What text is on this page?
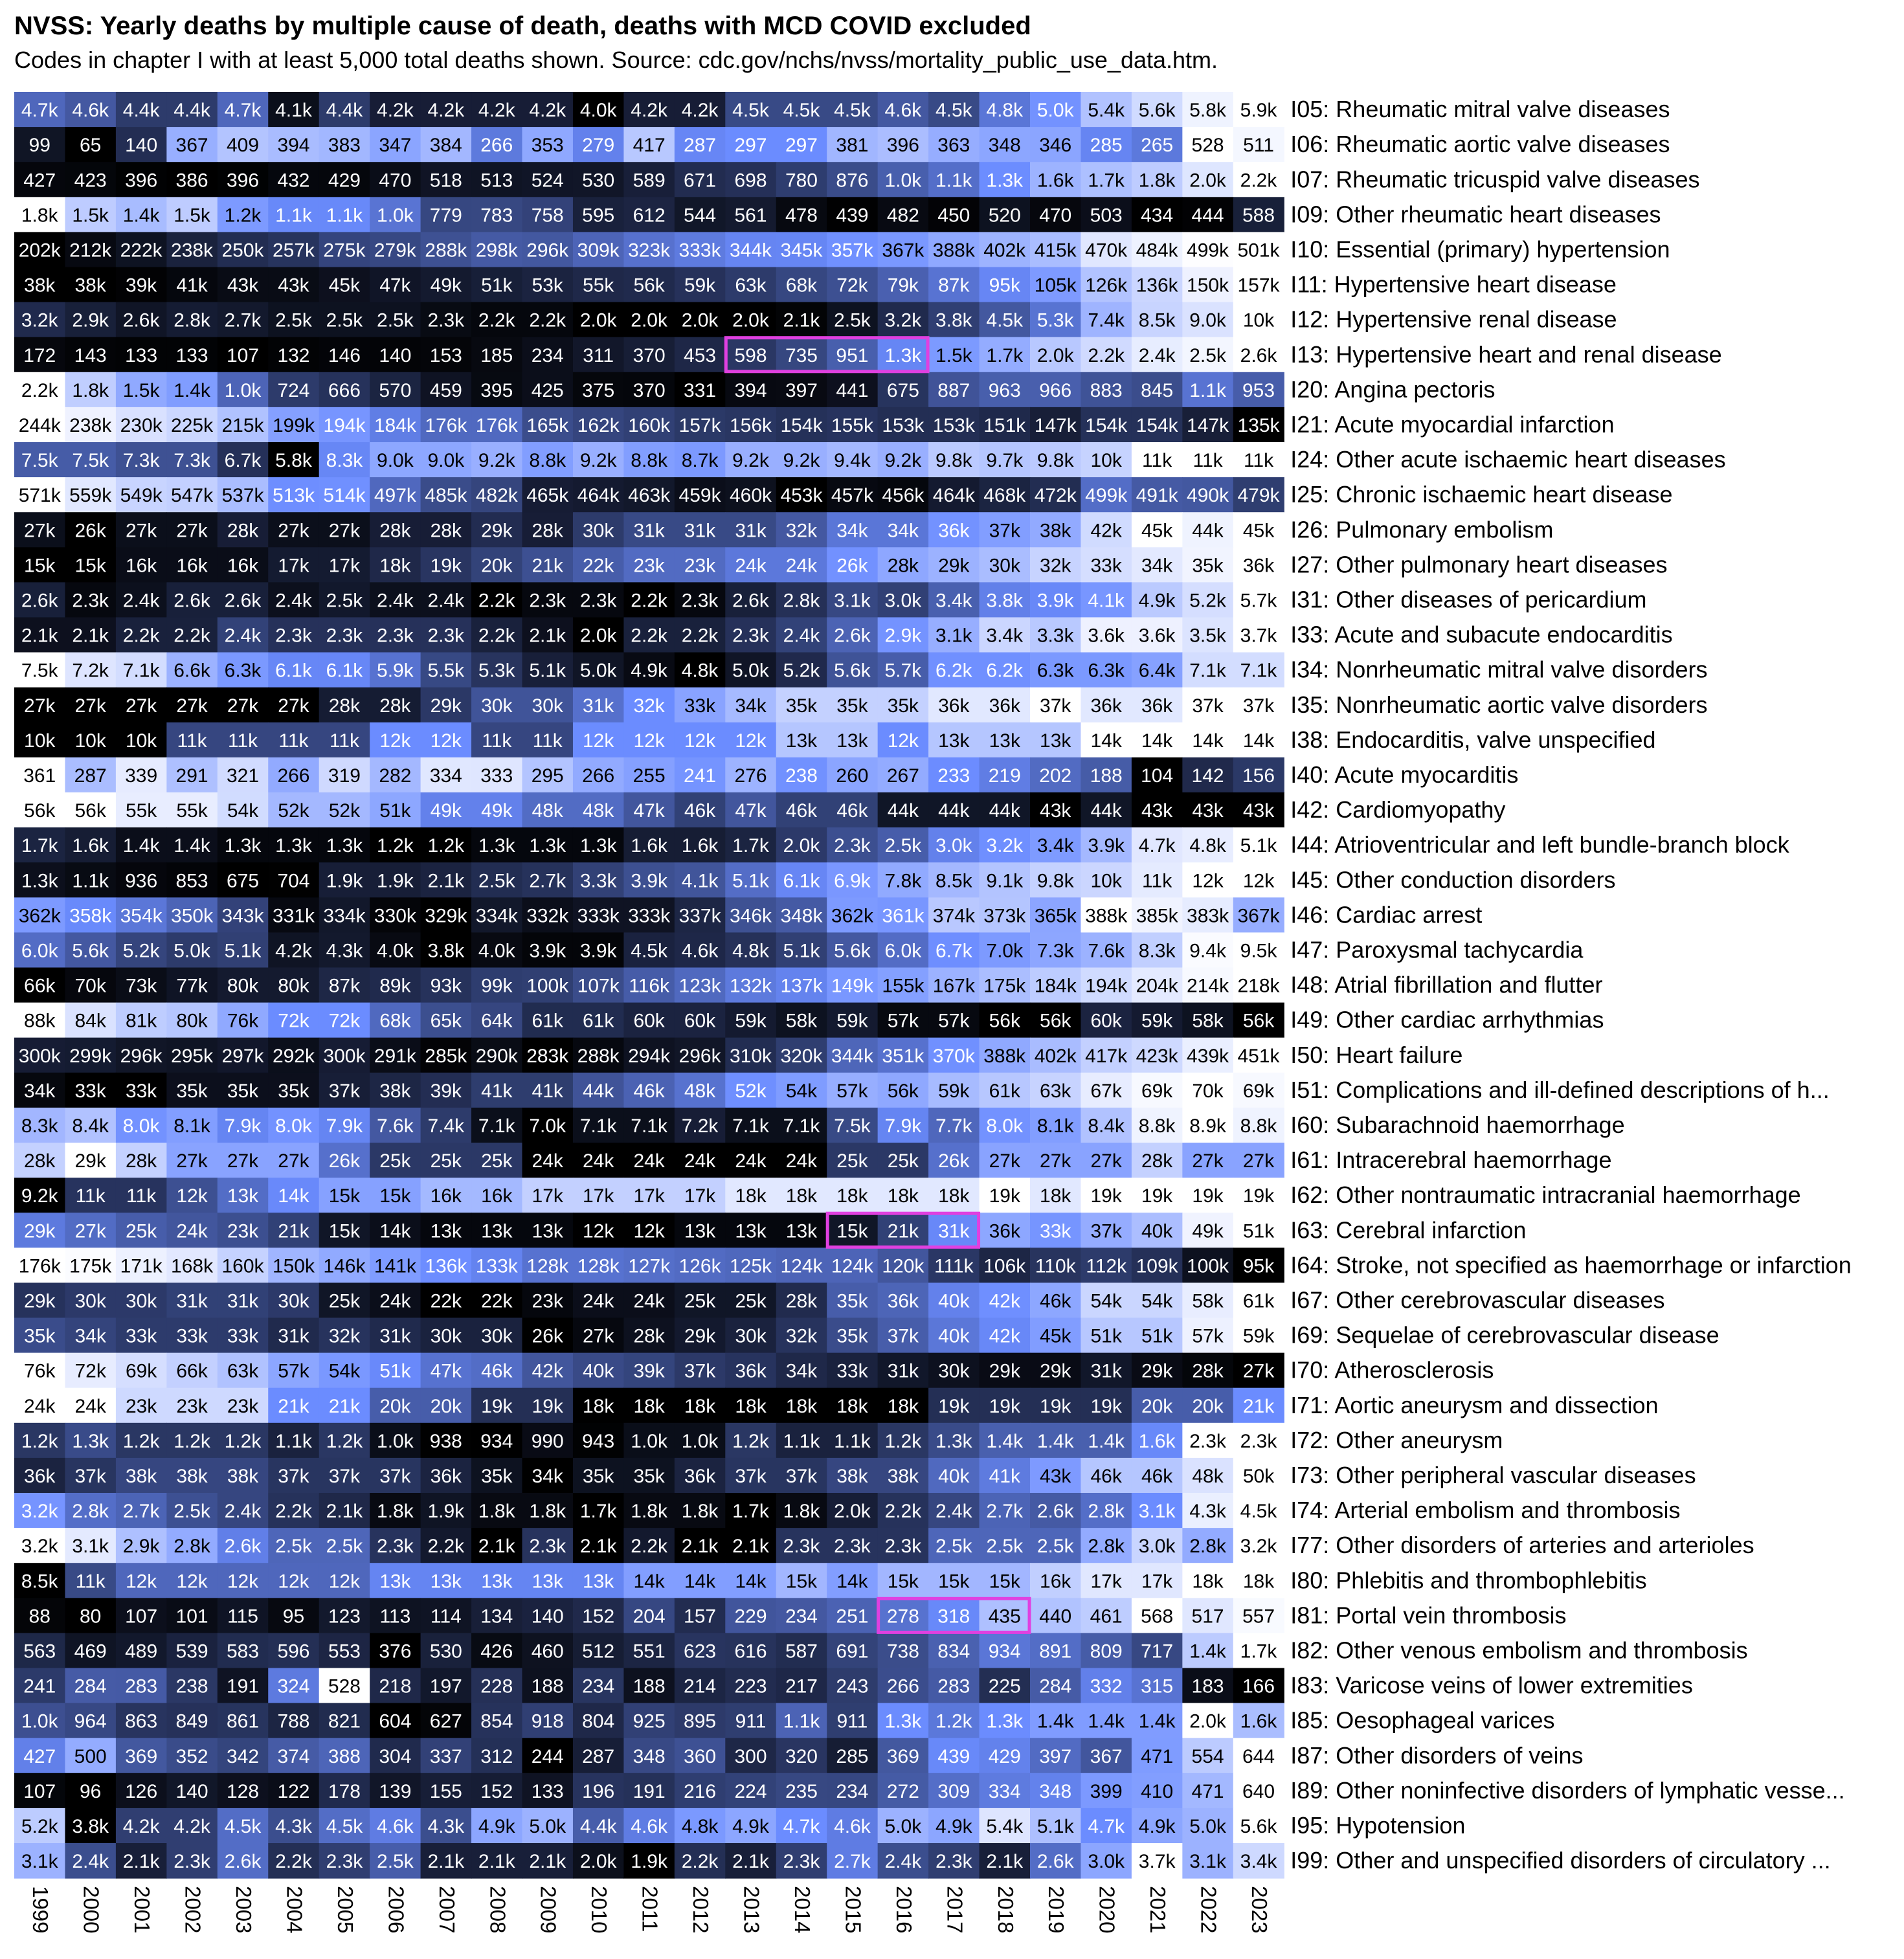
NVSS: Yearly deaths by multiple cause of death, deaths with MCD COVID excluded
Codes in chapter I with at least 5,000 total deaths shown. Source: cdc.gov/nchs/nvss/mortality_public_use_data.htm.
4.7k 4.6k 4.4k 4.4k 4.7k 4.1k 4.4k 4.2k 4.2k 4.2k 4.2k 4.0k 4.2k 4.2k 4.5k 4.5k 4.5k 4.6k 4.5k 4.8k 5.0k 5.4k 5.6k 5.8k 5.9k I05: Rheumatic mitral valve diseases
99 65 140 367 409 394 383 347 384 266 353 279 417 287 297 297 381 396 363 348 346 285 265 528 511 I06: Rheumatic aortic valve diseases
427 423 396 386 396 432 429 470 518 513 524 530 589 671 698 780 876 1.0k 1.1k 1.3k 1.6k 1.7k 1.8k 2.0k 2.2k I07: Rheumatic tricuspid valve diseases
1.8k 1.5k 1.4k 1.5k 1.2k 1.1k 1.1k 1.0k 779 783 758 595 612 544 561 478 439 482 450 520 470 503 434 444 588 I09: Other rheumatic heart diseases
202k 212k 222k 238k 250k 257k 275k 279k 288k 298k 296k 309k 323k 333k 344k 345k 357k 367k 388k 402k 415k 470k 484k 499k 501k I10: Essential (primary) hypertension
38k 38k 39k 41k 43k 43k 45k 47k 49k 51k 53k 55k 56k 59k 63k 68k 72k 79k 87k 95k 105k 126k 136k 150k 157k I11: Hypertensive heart disease
3.2k 2.9k 2.6k 2.8k 2.7k 2.5k 2.5k 2.5k 2.3k 2.2k 2.2k 2.0k 2.0k 2.0k 2.0k 2.1k 2.5k 3.2k 3.8k 4.5k 5.3k 7.4k 8.5k 9.0k 10k I12: Hypertensive renal disease
172 143 133 133 107 132 146 140 153 185 234 311 370 453 598 735 951 1.3k 1.5k 1.7k 2.0k 2.2k 2.4k 2.5k 2.6k I13: Hypertensive heart and renal disease
2.2k 1.8k 1.5k 1.4k 1.0k 724 666 570 459 395 425 375 370 331 394 397 441 675 887 963 966 883 845 1.1k 953 I20: Angina pectoris
244k 238k 230k 225k 215k 199k 194k 184k 176k 176k 165k 162k 160k 157k 156k 154k 155k 153k 153k 151k 147k 154k 154k 147k 135k I21: Acute myocardial infarction
7.5k 7.5k 7.3k 7.3k 6.7k 5.8k 8.3k 9.0k 9.0k 9.2k 8.8k 9.2k 8.8k 8.7k 9.2k 9.2k 9.4k 9.2k 9.8k 9.7k 9.8k 10k 11k 11k 11k I24: Other acute ischaemic heart diseases
571k 559k 549k 547k 537k 513k 514k 497k 485k 482k 465k 464k 463k 459k 460k 453k 457k 456k 464k 468k 472k 499k 491k 490k 479k I25: Chronic ischaemic heart disease
27k 26k 27k 27k 28k 27k 27k 28k 28k 29k 28k 30k 31k 31k 31k 32k 34k 34k 36k 37k 38k 42k 45k 44k 45k I26: Pulmonary embolism
15k 15k 16k 16k 16k 17k 17k 18k 19k 20k 21k 22k 23k 23k 24k 24k 26k 28k 29k 30k 32k 33k 34k 35k 36k I27: Other pulmonary heart diseases
2.6k 2.3k 2.4k 2.6k 2.6k 2.4k 2.5k 2.4k 2.4k 2.2k 2.3k 2.3k 2.2k 2.3k 2.6k 2.8k 3.1k 3.0k 3.4k 3.8k 3.9k 4.1k 4.9k 5.2k 5.7k I31: Other diseases of pericardium
2.1k 2.1k 2.2k 2.2k 2.4k 2.3k 2.3k 2.3k 2.3k 2.2k 2.1k 2.0k 2.2k 2.2k 2.3k 2.4k 2.6k 2.9k 3.1k 3.4k 3.3k 3.6k 3.6k 3.5k 3.7k I33: Acute and subacute endocarditis
7.5k 7.2k 7.1k 6.6k 6.3k 6.1k 6.1k 5.9k 5.5k 5.3k 5.1k 5.0k 4.9k 4.8k 5.0k 5.2k 5.6k 5.7k 6.2k 6.2k 6.3k 6.3k 6.4k 7.1k 7.1k I34: Nonrheumatic mitral valve disorders
27k 27k 27k 27k 27k 27k 28k 28k 29k 30k 30k 31k 32k 33k 34k 35k 35k 35k 36k 36k 37k 36k 36k 37k 37k I35: Nonrheumatic aortic valve disorders
10k 10k 10k 11k 11k 11k 11k 12k 12k 11k 11k 12k 12k 12k 12k 13k 13k 12k 13k 13k 13k 14k 14k 14k 14k I38: Endocarditis, valve unspecified
361 287 339 291 321 266 319 282 334 333 295 266 255 241 276 238 260 267 233 219 202 188 104 142 156 I40: Acute myocarditis
56k 56k 55k 55k 54k 52k 52k 51k 49k 49k 48k 48k 47k 46k 47k 46k 46k 44k 44k 44k 43k 44k 43k 43k 43k I42: Cardiomyopathy
1.7k 1.6k 1.4k 1.4k 1.3k 1.3k 1.3k 1.2k 1.2k 1.3k 1.3k 1.3k 1.6k 1.6k 1.7k 2.0k 2.3k 2.5k 3.0k 3.2k 3.4k 3.9k 4.7k 4.8k 5.1k I44: Atrioventricular and left bundle-branch block
1.3k 1.1k 936 853 675 704 1.9k 1.9k 2.1k 2.5k 2.7k 3.3k 3.9k 4.1k 5.1k 6.1k 6.9k 7.8k 8.5k 9.1k 9.8k 10k 11k 12k 12k I45: Other conduction disorders
362k 358k 354k 350k 343k 331k 334k 330k 329k 334k 332k 333k 333k 337k 346k 348k 362k 361k 374k 373k 365k 388k 385k 383k 367k I46: Cardiac arrest
6.0k 5.6k 5.2k 5.0k 5.1k 4.2k 4.3k 4.0k 3.8k 4.0k 3.9k 3.9k 4.5k 4.6k 4.8k 5.1k 5.6k 6.0k 6.7k 7.0k 7.3k 7.6k 8.3k 9.4k 9.5k I47: Paroxysmal tachycardia
66k 70k 73k 77k 80k 80k 87k 89k 93k 99k 100k 107k 116k 123k 132k 137k 149k 155k 167k 175k 184k 194k 204k 214k 218k I48: Atrial fibrillation and flutter
88k 84k 81k 80k 76k 72k 72k 68k 65k 64k 61k 61k 60k 60k 59k 58k 59k 57k 57k 56k 56k 60k 59k 58k 56k I49: Other cardiac arrhythmias
300k 299k 296k 295k 297k 292k 300k 291k 285k 290k 283k 288k 294k 296k 310k 320k 344k 351k 370k 388k 402k 417k 423k 439k 451k I50: Heart failure
34k 33k 33k 35k 35k 35k 37k 38k 39k 41k 41k 44k 46k 48k 52k 54k 57k 56k 59k 61k 63k 67k 69k 70k 69k I51: Complications and ill-defined descriptions of h...
8.3k 8.4k 8.0k 8.1k 7.9k 8.0k 7.9k 7.6k 7.4k 7.1k 7.0k 7.1k 7.1k 7.2k 7.1k 7.1k 7.5k 7.9k 7.7k 8.0k 8.1k 8.4k 8.8k 8.9k 8.8k I60: Subarachnoid haemorrhage
28k 29k 28k 27k 27k 27k 26k 25k 25k 25k 24k 24k 24k 24k 24k 24k 25k 25k 26k 27k 27k 27k 28k 27k 27k I61: Intracerebral haemorrhage
9.2k 11k 11k 12k 13k 14k 15k 15k 16k 16k 17k 17k 17k 17k 18k 18k 18k 18k 18k 19k 18k 19k 19k 19k 19k I62: Other nontraumatic intracranial haemorrhage
29k 27k 25k 24k 23k 21k 15k 14k 13k 13k 13k 12k 12k 13k 13k 13k 15k 21k 31k 36k 33k 37k 40k 49k 51k I63: Cerebral infarction
176k 175k 171k 168k 160k 150k 146k 141k 136k 133k 128k 128k 127k 126k 125k 124k 124k 120k 111k 106k 110k 112k 109k 100k 95k I64: Stroke, not specified as haemorrhage or infarction
29k 30k 30k 31k 31k 30k 25k 24k 22k 22k 23k 24k 24k 25k 25k 28k 35k 36k 40k 42k 46k 54k 54k 58k 61k I67: Other cerebrovascular diseases
35k 34k 33k 33k 33k 31k 32k 31k 30k 30k 26k 27k 28k 29k 30k 32k 35k 37k 40k 42k 45k 51k 51k 57k 59k I69: Sequelae of cerebrovascular disease
76k 72k 69k 66k 63k 57k 54k 51k 47k 46k 42k 40k 39k 37k 36k 34k 33k 31k 30k 29k 29k 31k 29k 28k 27k I70: Atherosclerosis
24k 24k 23k 23k 23k 21k 21k 20k 20k 19k 19k 18k 18k 18k 18k 18k 18k 18k 19k 19k 19k 19k 20k 20k 21k I71: Aortic aneurysm and dissection
1.2k 1.3k 1.2k 1.2k 1.2k 1.1k 1.2k 1.0k 938 934 990 943 1.0k 1.0k 1.2k 1.1k 1.1k 1.2k 1.3k 1.4k 1.4k 1.4k 1.6k 2.3k 2.3k I72: Other aneurysm
36k 37k 38k 38k 38k 37k 37k 37k 36k 35k 34k 35k 35k 36k 37k 37k 38k 38k 40k 41k 43k 46k 46k 48k 50k I73: Other peripheral vascular diseases
3.2k 2.8k 2.7k 2.5k 2.4k 2.2k 2.1k 1.8k 1.9k 1.8k 1.8k 1.7k 1.8k 1.8k 1.7k 1.8k 2.0k 2.2k 2.4k 2.7k 2.6k 2.8k 3.1k 4.3k 4.5k I74: Arterial embolism and thrombosis
3.2k 3.1k 2.9k 2.8k 2.6k 2.5k 2.5k 2.3k 2.2k 2.1k 2.3k 2.1k 2.2k 2.1k 2.1k 2.3k 2.3k 2.3k 2.5k 2.5k 2.5k 2.8k 3.0k 2.8k 3.2k I77: Other disorders of arteries and arterioles
8.5k 11k 12k 12k 12k 12k 12k 13k 13k 13k 13k 13k 14k 14k 14k 15k 14k 15k 15k 15k 16k 17k 17k 18k 18k I80: Phlebitis and thrombophlebitis
88 80 107 101 115 95 123 113 114 134 140 152 204 157 229 234 251 278 318 435 440 461 568 517 557 I81: Portal vein thrombosis
563 469 489 539 583 596 553 376 530 426 460 512 551 623 616 587 691 738 834 934 891 809 717 1.4k 1.7k I82: Other venous embolism and thrombosis
241 284 283 238 191 324 528 218 197 228 188 234 188 214 223 217 243 266 283 225 284 332 315 183 166 I83: Varicose veins of lower extremities
1.0k 964 863 849 861 788 821 604 627 854 918 804 925 895 911 1.1k 911 1.3k 1.2k 1.3k 1.4k 1.4k 1.4k 2.0k 1.6k I85: Oesophageal varices
427 500 369 352 342 374 388 304 337 312 244 287 348 360 300 320 285 369 439 429 397 367 471 554 644 I87: Other disorders of veins
107 96 126 140 128 122 178 139 155 152 133 196 191 216 224 235 234 272 309 334 348 399 410 471 640 I89: Other noninfective disorders of lymphatic vesse...
5.2k 3.8k 4.2k 4.2k 4.5k 4.3k 4.5k 4.6k 4.3k 4.9k 5.0k 4.4k 4.6k 4.8k 4.9k 4.7k 4.6k 5.0k 4.9k 5.4k 5.1k 4.7k 4.9k 5.0k 5.6k I95: Hypotension
3.1k 2.4k 2.1k 2.3k 2.6k 2.2k 2.3k 2.5k 2.1k 2.1k 2.1k 2.0k 1.9k 2.2k 2.1k 2.3k 2.7k 2.4k 2.3k 2.1k 2.6k 3.0k 3.7k 3.1k 3.4k I99: Other and unspecified disorders of circulatory ...
1999 2000 2001 2002 2003 2004 2005 2006 2007 2008 2009 2010 2011 2012 2013 2014 2015 2016 2017 2018 2019 2020 2021 2022 2023
